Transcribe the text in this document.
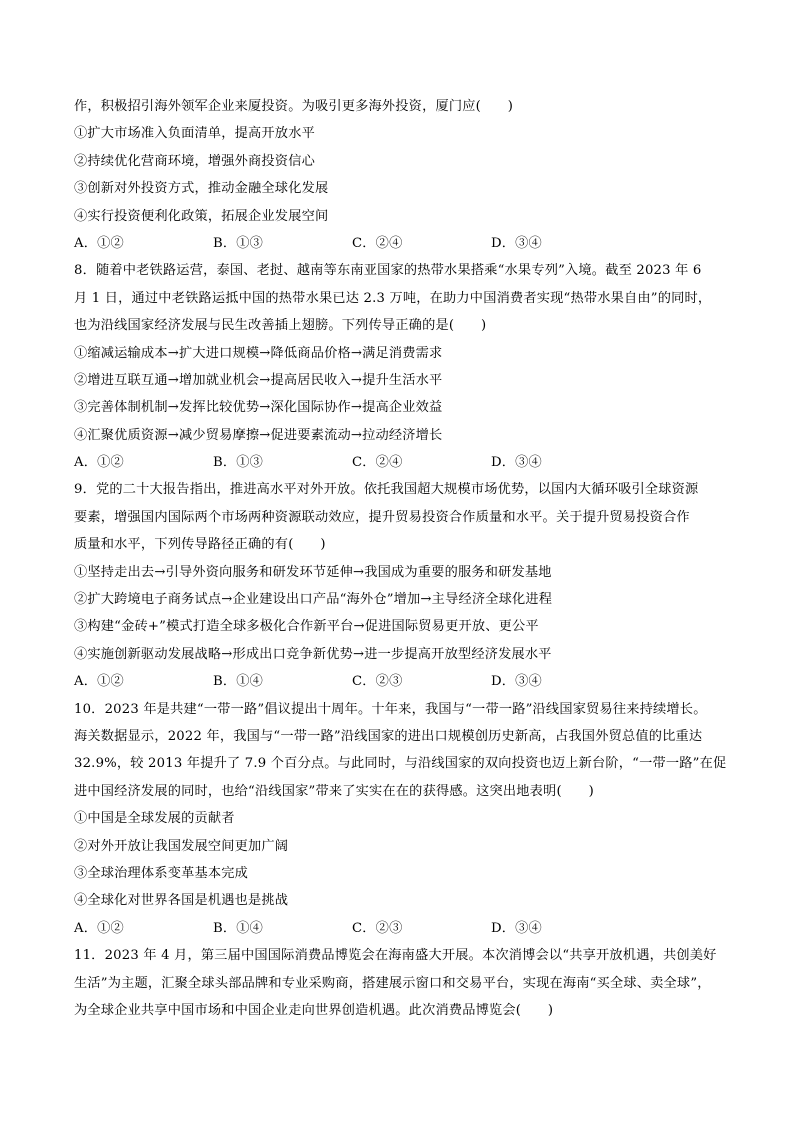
作，积极招引海外领军企业来厦投资。为吸引更多海外投资，厦门应(　　)
①扩大市场准入负面清单，提高开放水平
②持续优化营商环境，增强外商投资信心
③创新对外投资方式，推动金融全球化发展
④实行投资便利化政策，拓展企业发展空间
A．①②	B．①③	C．②④	D．③④
8．随着中老铁路运营，泰国、老挝、越南等东南亚国家的热带水果搭乘“水果专列”入境。截至 2023 年 6
月 1 日，通过中老铁路运抵中国的热带水果已达 2.3 万吨，在助力中国消费者实现“热带水果自由”的同时，
也为沿线国家经济发展与民生改善插上翅膀。下列传导正确的是(　　)
①缩减运输成本→扩大进口规模→降低商品价格→满足消费需求
②增进互联互通→增加就业机会→提高居民收入→提升生活水平
③完善体制机制→发挥比较优势→深化国际协作→提高企业效益
④汇聚优质资源→减少贸易摩擦→促进要素流动→拉动经济增长
A．①②	B．①③	C．②④	D．③④
9．党的二十大报告指出，推进高水平对外开放。依托我国超大规模市场优势，以国内大循环吸引全球资源
要素，增强国内国际两个市场两种资源联动效应，提升贸易投资合作质量和水平。关于提升贸易投资合作
质量和水平，下列传导路径正确的有(　　)
①坚持走出去→引导外资向服务和研发环节延伸→我国成为重要的服务和研发基地
②扩大跨境电子商务试点→企业建设出口产品“海外仓”增加→主导经济全球化进程
③构建“金砖+”模式打造全球多极化合作新平台→促进国际贸易更开放、更公平
④实施创新驱动发展战略→形成出口竞争新优势→进一步提高开放型经济发展水平
A．①②	B．①④	C．②③	D．③④
10．2023 年是共建“一带一路”倡议提出十周年。十年来，我国与“一带一路”沿线国家贸易往来持续增长。
海关数据显示，2022 年，我国与“一带一路”沿线国家的进出口规模创历史新高，占我国外贸总值的比重达
32.9%，较 2013 年提升了 7.9 个百分点。与此同时，与沿线国家的双向投资也迈上新台阶，“一带一路”在促
进中国经济发展的同时，也给“沿线国家”带来了实实在在的获得感。这突出地表明(　　)
①中国是全球发展的贡献者
②对外开放让我国发展空间更加广阔
③全球治理体系变革基本完成
④全球化对世界各国是机遇也是挑战
A．①②	B．①④	C．②③	D．③④
11．2023 年 4 月，第三届中国国际消费品博览会在海南盛大开展。本次消博会以“共享开放机遇，共创美好
生活”为主题，汇聚全球头部品牌和专业采购商，搭建展示窗口和交易平台，实现在海南“买全球、卖全球”，
为全球企业共享中国市场和中国企业走向世界创造机遇。此次消费品博览会(　　)
